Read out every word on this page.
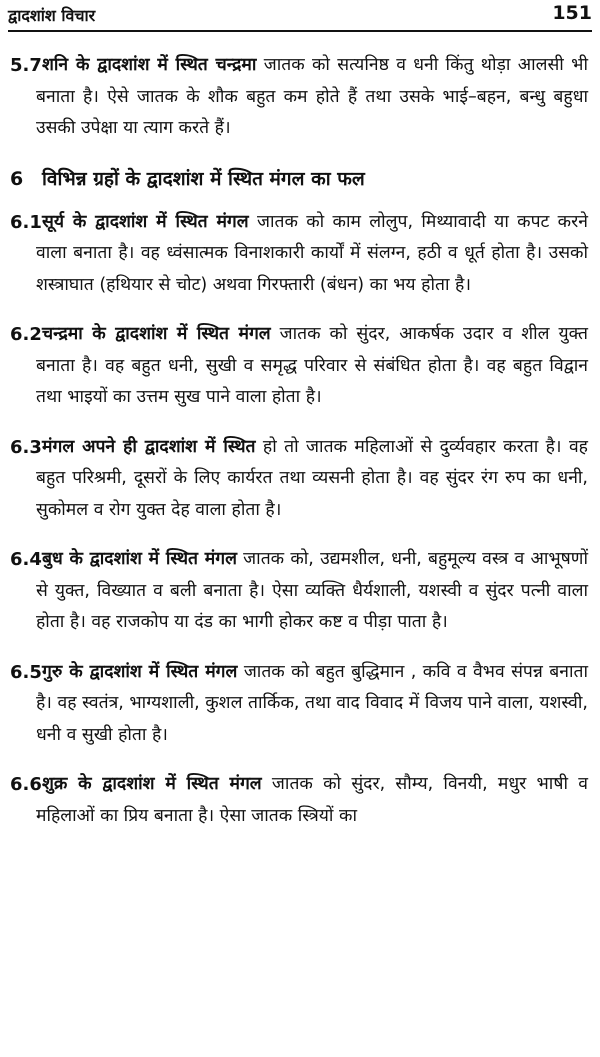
द्वादशांश विचार	151

5.7 शनि के द्वादशांश में स्थित चन्द्रमा जातक को सत्यनिष्ठ व धनी किंतु थोड़ा आलसी भी बनाता है। ऐसे जातक के शौक बहुत कम होते हैं तथा उसके भाई–बहन, बन्धु बहुधा उसकी उपेक्षा या त्याग करते हैं।

6 विभिन्न ग्रहों के द्वादशांश में स्थित मंगल का फल

6.1 सूर्य के द्वादशांश में स्थित मंगल जातक को काम लोलुप, मिथ्यावादी या कपट करने वाला बनाता है। वह ध्वंसात्मक विनाशकारी कार्यों में संलग्न, हठी व धूर्त होता है। उसको शस्त्राघात (हथियार से चोट) अथवा गिरफ्तारी (बंधन) का भय होता है।

6.2 चन्द्रमा के द्वादशांश में स्थित मंगल जातक को सुंदर, आकर्षक उदार व शील युक्त बनाता है। वह बहुत धनी, सुखी व समृद्ध परिवार से संबंधित होता है। वह बहुत विद्वान तथा भाइयों का उत्तम सुख पाने वाला होता है।

6.3 मंगल अपने ही द्वादशांश में स्थित हो तो जातक महिलाओं से दुर्व्यवहार करता है। वह बहुत परिश्रमी, दूसरों के लिए कार्यरत तथा व्यसनी होता है। वह सुंदर रंग रुप का धनी, सुकोमल व रोग युक्त देह वाला होता है।

6.4 बुध के द्वादशांश में स्थित मंगल जातक को, उद्यमशील, धनी, बहुमूल्य वस्त्र व आभूषणों से युक्त, विख्यात व बली बनाता है। ऐसा व्यक्ति धैर्यशाली, यशस्वी व सुंदर पत्नी वाला होता है। वह राजकोप या दंड का भागी होकर कष्ट व पीड़ा पाता है।

6.5 गुरु के द्वादशांश में स्थित मंगल जातक को बहुत बुद्धिमान , कवि व वैभव संपन्न बनाता है। वह स्वतंत्र, भाग्यशाली, कुशल तार्किक, तथा वाद विवाद में विजय पाने वाला, यशस्वी, धनी व सुखी होता है।

6.6 शुक्र के द्वादशांश में स्थित मंगल जातक को सुंदर, सौम्य, विनयी, मधुर भाषी व महिलाओं का प्रिय बनाता है। ऐसा जातक स्त्रियों का
